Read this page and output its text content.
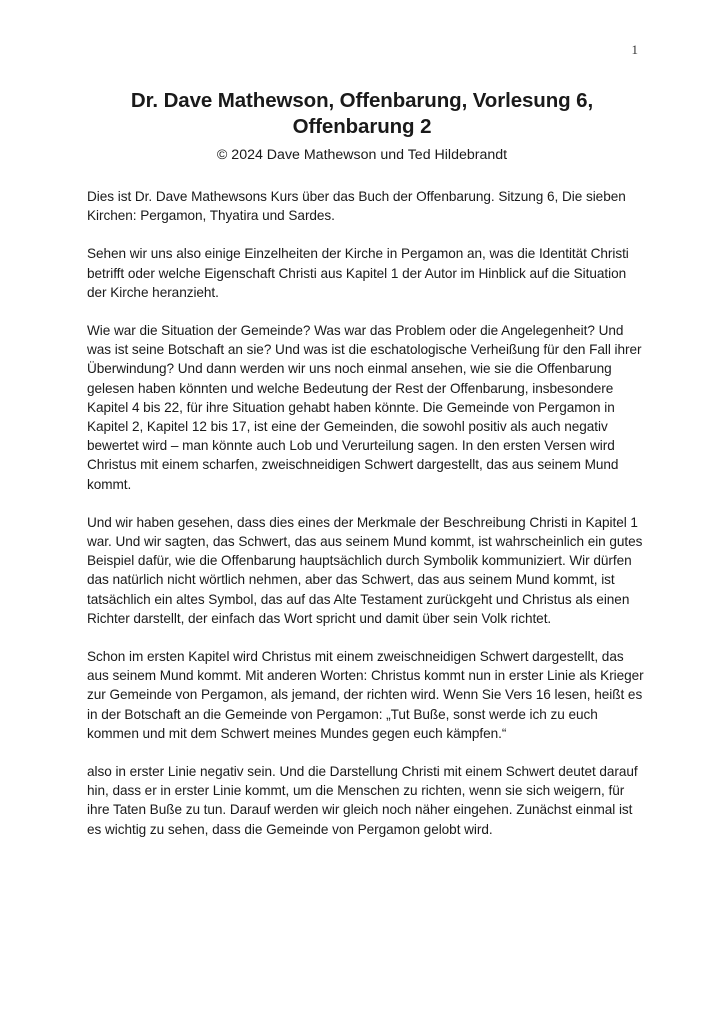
1
Dr. Dave Mathewson, Offenbarung, Vorlesung 6, Offenbarung 2

© 2024 Dave Mathewson und Ted Hildebrandt

Dies ist Dr. Dave Mathewsons Kurs über das Buch der Offenbarung. Sitzung 6, Die sieben Kirchen: Pergamon, Thyatira und Sardes.

Sehen wir uns also einige Einzelheiten der Kirche in Pergamon an, was die Identität Christi betrifft oder welche Eigenschaft Christi aus Kapitel 1 der Autor im Hinblick auf die Situation der Kirche heranzieht.

Wie war die Situation der Gemeinde? Was war das Problem oder die Angelegenheit? Und was ist seine Botschaft an sie? Und was ist die eschatologische Verheißung für den Fall ihrer Überwindung? Und dann werden wir uns noch einmal ansehen, wie sie die Offenbarung gelesen haben könnten und welche Bedeutung der Rest der Offenbarung, insbesondere Kapitel 4 bis 22, für ihre Situation gehabt haben könnte. Die Gemeinde von Pergamon in Kapitel 2, Kapitel 12 bis 17, ist eine der Gemeinden, die sowohl positiv als auch negativ bewertet wird – man könnte auch Lob und Verurteilung sagen. In den ersten Versen wird Christus mit einem scharfen, zweischneidigen Schwert dargestellt, das aus seinem Mund kommt.

Und wir haben gesehen, dass dies eines der Merkmale der Beschreibung Christi in Kapitel 1 war. Und wir sagten, das Schwert, das aus seinem Mund kommt, ist wahrscheinlich ein gutes Beispiel dafür, wie die Offenbarung hauptsächlich durch Symbolik kommuniziert. Wir dürfen das natürlich nicht wörtlich nehmen, aber das Schwert, das aus seinem Mund kommt, ist tatsächlich ein altes Symbol, das auf das Alte Testament zurückgeht und Christus als einen Richter darstellt, der einfach das Wort spricht und damit über sein Volk richtet.

Schon im ersten Kapitel wird Christus mit einem zweischneidigen Schwert dargestellt, das aus seinem Mund kommt. Mit anderen Worten: Christus kommt nun in erster Linie als Krieger zur Gemeinde von Pergamon, als jemand, der richten wird. Wenn Sie Vers 16 lesen, heißt es in der Botschaft an die Gemeinde von Pergamon: „Tut Buße, sonst werde ich zu euch kommen und mit dem Schwert meines Mundes gegen euch kämpfen.“

also in erster Linie negativ sein. Und die Darstellung Christi mit einem Schwert deutet darauf hin, dass er in erster Linie kommt, um die Menschen zu richten, wenn sie sich weigern, für ihre Taten Buße zu tun. Darauf werden wir gleich noch näher eingehen. Zunächst einmal ist es wichtig zu sehen, dass die Gemeinde von Pergamon gelobt wird.
